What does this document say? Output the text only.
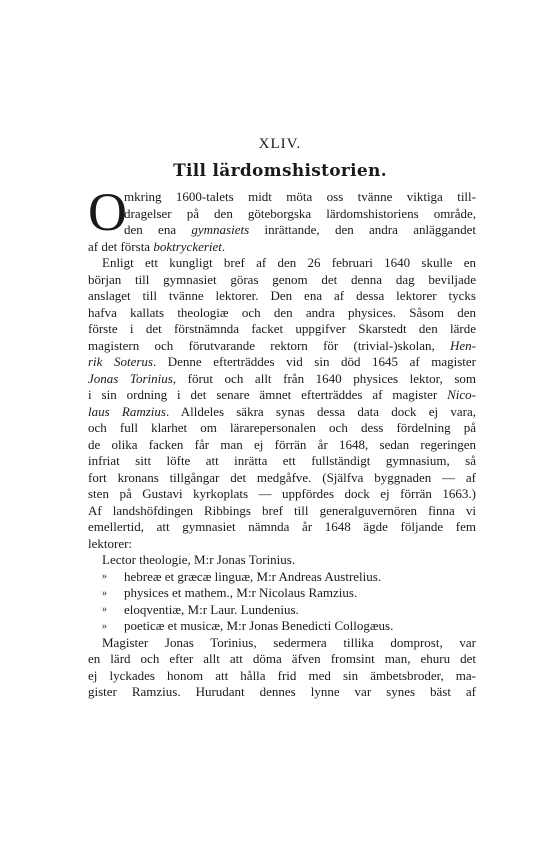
XLIV.
Till lärdomshistorien.
O
mkring 1600-talets midt möta oss tvänne viktiga till-
dragelser på den göteborgska lärdomshistoriens område,
den ena gymnasiets inrättande, den andra anläggandet
af det första boktryckeriet.
Enligt ett kungligt bref af den 26 februari 1640 skulle en
början till gymnasiet göras genom det denna dag beviljade
anslaget till tvänne lektorer. Den ena af dessa lektorer tycks
hafva kallats theologiæ och den andra physices. Såsom den
förste i det förstnämnda facket uppgifver Skarstedt den lärde
magistern och förutvarande rektorn för (trivial-)skolan, Hen-
rik Soterus. Denne efterträddes vid sin död 1645 af magister
Jonas Torinius, förut och allt från 1640 physices lektor, som
i sin ordning i det senare ämnet efterträddes af magister Nico-
laus Ramzius. Alldeles säkra synas dessa data dock ej vara,
och full klarhet om lärarepersonalen och dess fördelning på
de olika facken får man ej förrän år 1648, sedan regeringen
infriat sitt löfte att inrätta ett fullständigt gymnasium, så
fort kronans tillgångar det medgåfve. (Själfva byggnaden — af
sten på Gustavi kyrkoplats — uppfördes dock ej förrän 1663.)
Af landshöfdingen Ribbings bref till generalguvernören finna vi
emellertid, att gymnasiet nämnda år 1648 ägde följande fem
lektorer:
Lector theologie, M:r Jonas Torinius.
» hebreæ et græcæ linguæ, M:r Andreas Austrelius.
» physices et mathem., M:r Nicolaus Ramzius.
» eloqventiæ, M:r Laur. Lundenius.
» poeticæ et musicæ, M:r Jonas Benedicti Collogæus.
Magister Jonas Torinius, sedermera tillika domprost, var
en lärd och efter allt att döma äfven fromsint man, ehuru det
ej lyckades honom att hålla frid med sin ämbetsbroder, ma-
gister Ramzius. Hurudant dennes lynne var synes bäst af
